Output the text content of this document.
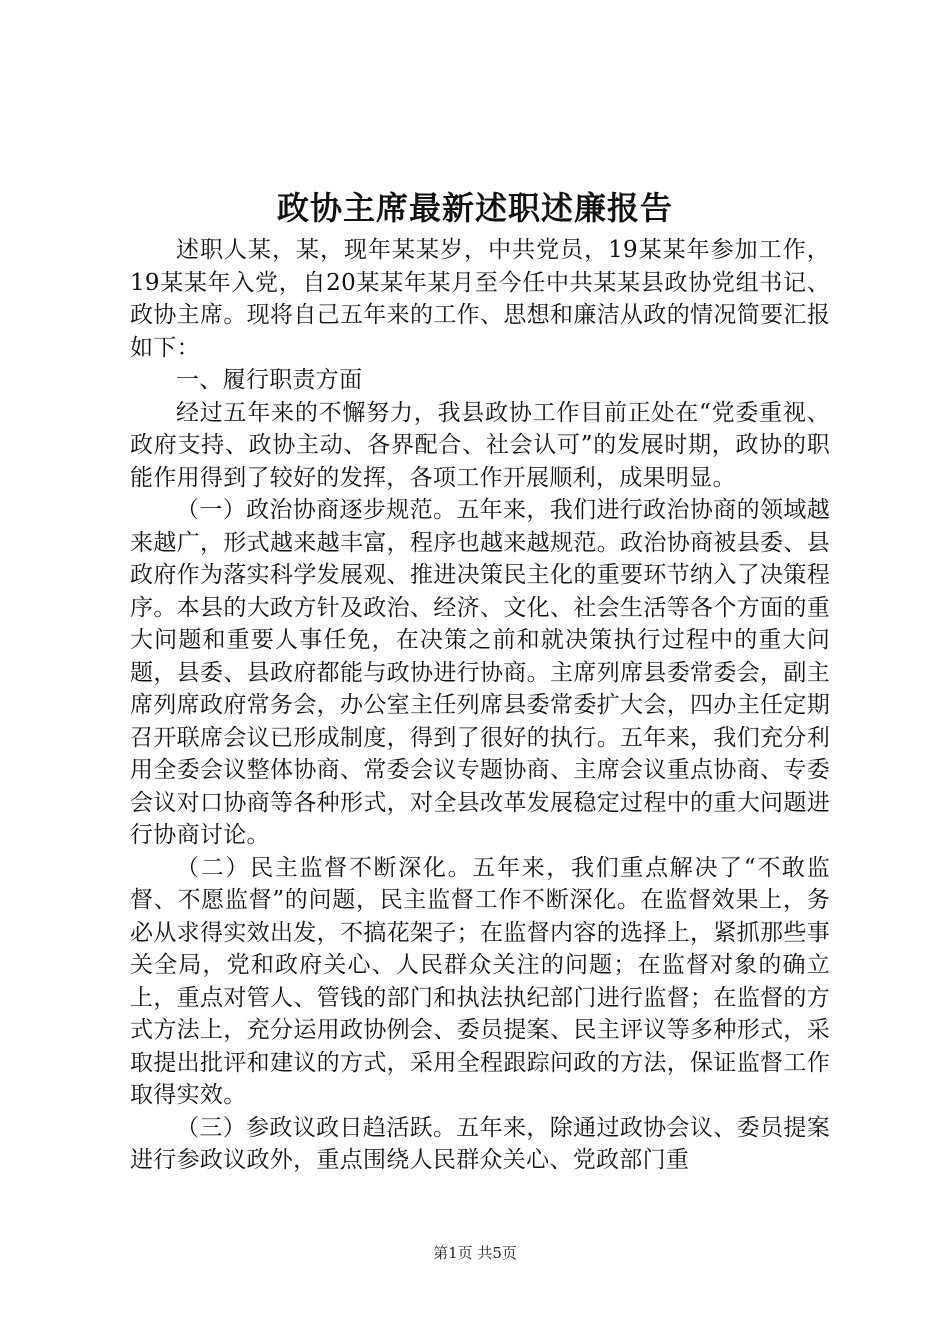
政协主席最新述职述廉报告

述职人某，某，现年某某岁，中共党员，19某某年参加工作，19某某年入党，自20某某年某月至今任中共某某县政协党组书记、政协主席。现将自己五年来的工作、思想和廉洁从政的情况简要汇报如下：

一、履行职责方面

经过五年来的不懈努力，我县政协工作目前正处在“党委重视、政府支持、政协主动、各界配合、社会认可”的发展时期，政协的职能作用得到了较好的发挥，各项工作开展顺利，成果明显。

（一）政治协商逐步规范。五年来，我们进行政治协商的领域越来越广，形式越来越丰富，程序也越来越规范。政治协商被县委、县政府作为落实科学发展观、推进决策民主化的重要环节纳入了决策程序。本县的大政方针及政治、经济、文化、社会生活等各个方面的重大问题和重要人事任免，在决策之前和就决策执行过程中的重大问题，县委、县政府都能与政协进行协商。主席列席县委常委会，副主席列席政府常务会，办公室主任列席县委常委扩大会，四办主任定期召开联席会议已形成制度，得到了很好的执行。五年来，我们充分利用全委会议整体协商、常委会议专题协商、主席会议重点协商、专委会议对口协商等各种形式，对全县改革发展稳定过程中的重大问题进行协商讨论。

（二）民主监督不断深化。五年来，我们重点解决了“不敢监督、不愿监督”的问题，民主监督工作不断深化。在监督效果上，务必从求得实效出发，不搞花架子；在监督内容的选择上，紧抓那些事关全局，党和政府关心、人民群众关注的问题；在监督对象的确立上，重点对管人、管钱的部门和执法执纪部门进行监督；在监督的方式方法上，充分运用政协例会、委员提案、民主评议等多种形式，采取提出批评和建议的方式，采用全程跟踪问政的方法，保证监督工作取得实效。

（三）参政议政日趋活跃。五年来，除通过政协会议、委员提案进行参政议政外，重点围绕人民群众关心、党政部门重

第1页 共5页
